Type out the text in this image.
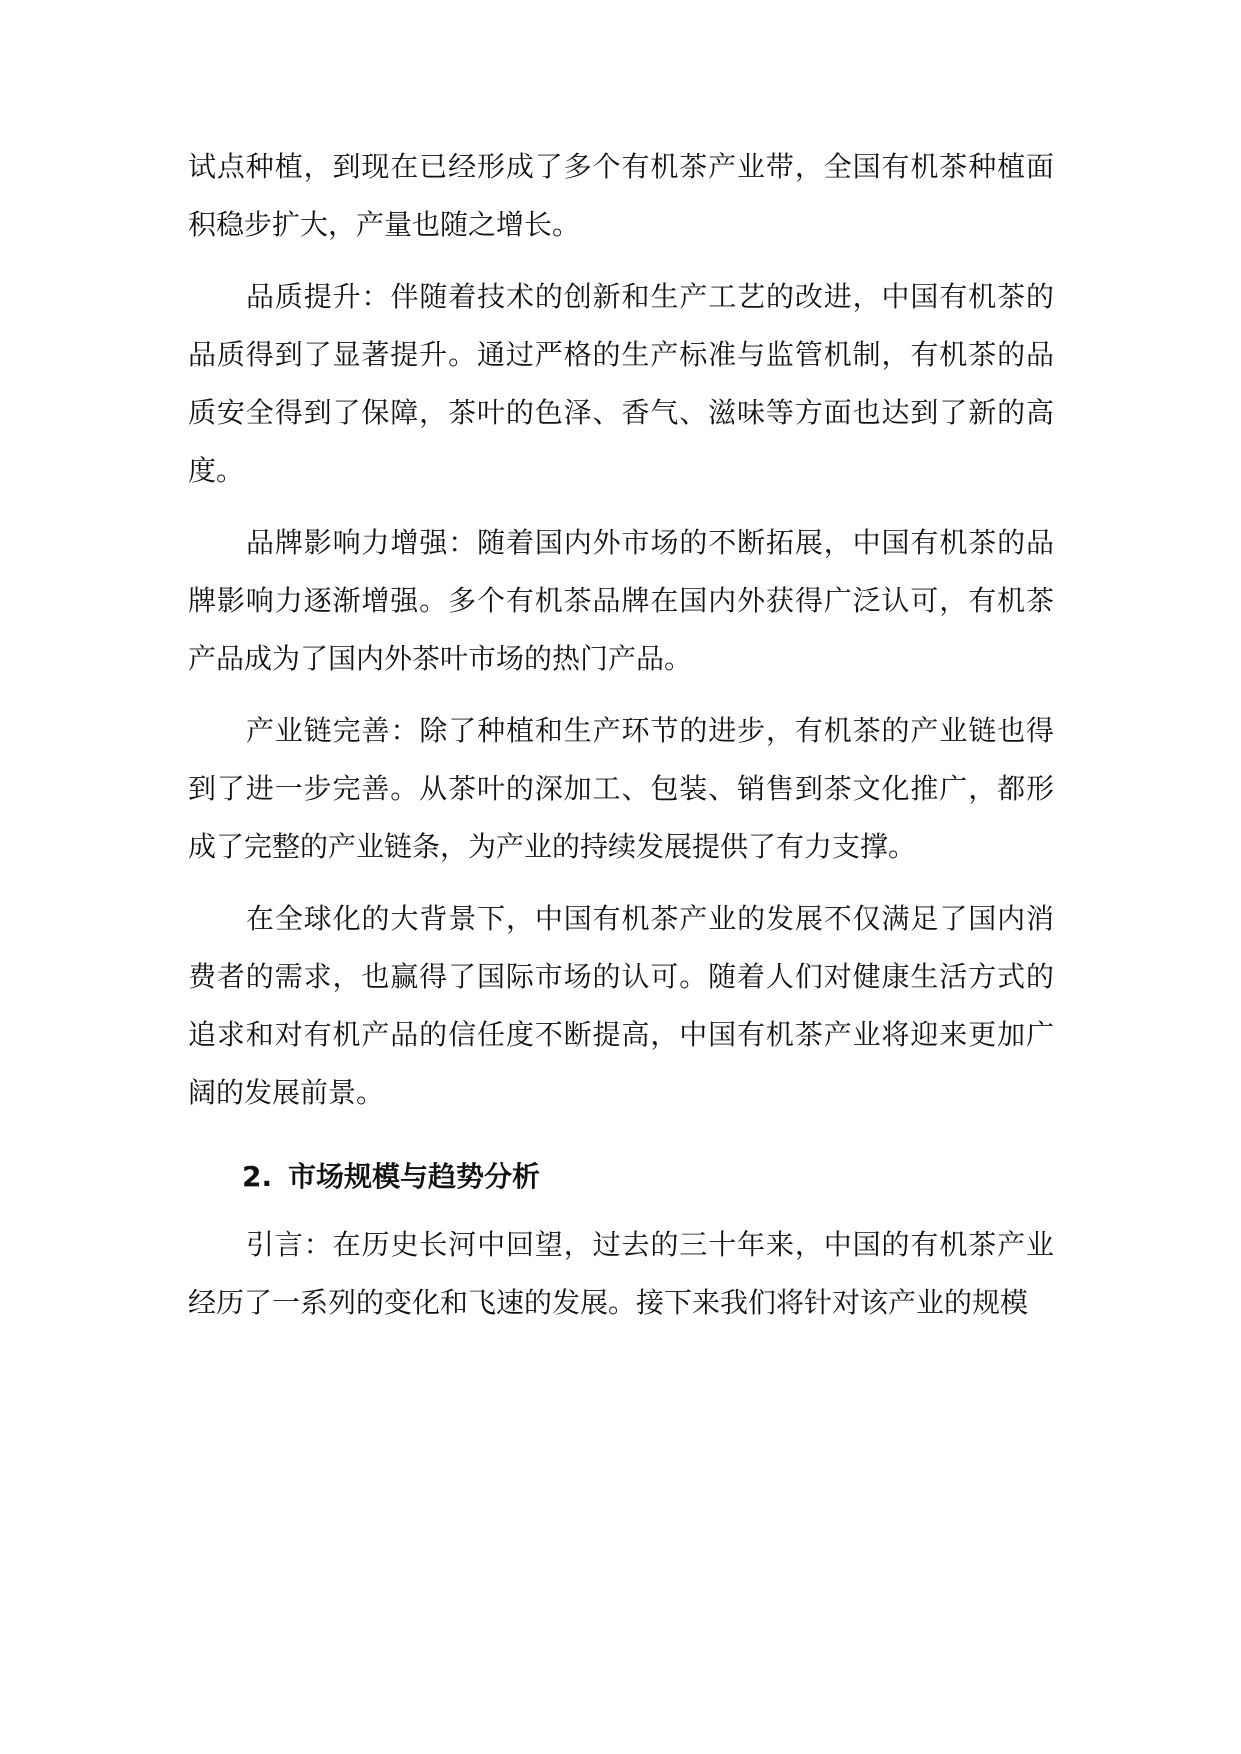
试点种植，到现在已经形成了多个有机茶产业带，全国有机茶种植面积稳步扩大，产量也随之增长。

品质提升：伴随着技术的创新和生产工艺的改进，中国有机茶的品质得到了显著提升。通过严格的生产标准与监管机制，有机茶的品质安全得到了保障，茶叶的色泽、香气、滋味等方面也达到了新的高度。

品牌影响力增强：随着国内外市场的不断拓展，中国有机茶的品牌影响力逐渐增强。多个有机茶品牌在国内外获得广泛认可，有机茶产品成为了国内外茶叶市场的热门产品。

产业链完善：除了种植和生产环节的进步，有机茶的产业链也得到了进一步完善。从茶叶的深加工、包装、销售到茶文化推广，都形成了完整的产业链条，为产业的持续发展提供了有力支撑。

在全球化的大背景下，中国有机茶产业的发展不仅满足了国内消费者的需求，也赢得了国际市场的认可。随着人们对健康生活方式的追求和对有机产品的信任度不断提高，中国有机茶产业将迎来更加广阔的发展前景。

2. 市场规模与趋势分析

引言：在历史长河中回望，过去的三十年来，中国的有机茶产业经历了一系列的变化和飞速的发展。接下来我们将针对该产业的规模
